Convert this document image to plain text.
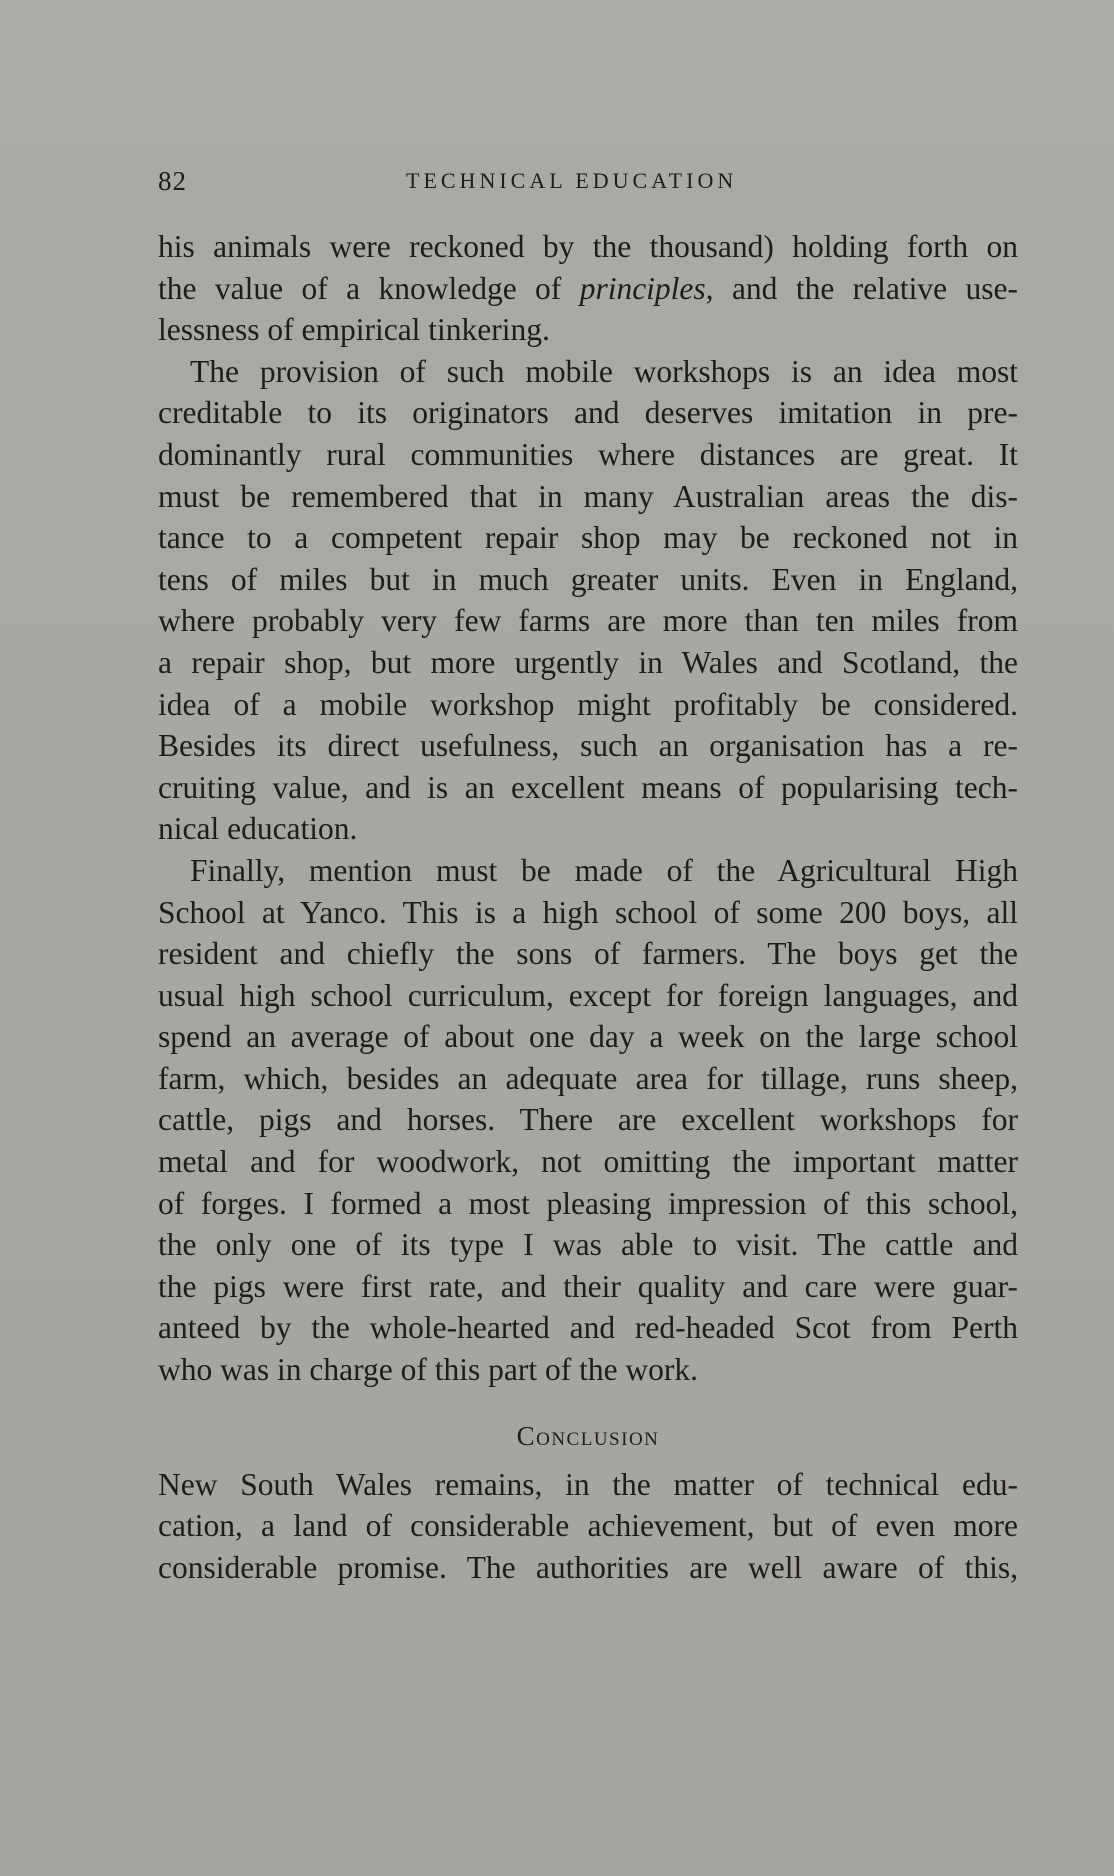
82	TECHNICAL EDUCATION

his animals were reckoned by the thousand) holding forth on
the value of a knowledge of principles, and the relative use-
lessness of empirical tinkering.

The provision of such mobile workshops is an idea most
creditable to its originators and deserves imitation in pre-
dominantly rural communities where distances are great. It
must be remembered that in many Australian areas the dis-
tance to a competent repair shop may be reckoned not in
tens of miles but in much greater units. Even in England,
where probably very few farms are more than ten miles from
a repair shop, but more urgently in Wales and Scotland, the
idea of a mobile workshop might profitably be considered.
Besides its direct usefulness, such an organisation has a re-
cruiting value, and is an excellent means of popularising tech-
nical education.

Finally, mention must be made of the Agricultural High
School at Yanco. This is a high school of some 200 boys, all
resident and chiefly the sons of farmers. The boys get the
usual high school curriculum, except for foreign languages, and
spend an average of about one day a week on the large school
farm, which, besides an adequate area for tillage, runs sheep,
cattle, pigs and horses. There are excellent workshops for
metal and for woodwork, not omitting the important matter
of forges. I formed a most pleasing impression of this school,
the only one of its type I was able to visit. The cattle and
the pigs were first rate, and their quality and care were guar-
anteed by the whole-hearted and red-headed Scot from Perth
who was in charge of this part of the work.

Conclusion

New South Wales remains, in the matter of technical edu-
cation, a land of considerable achievement, but of even more
considerable promise. The authorities are well aware of this,
